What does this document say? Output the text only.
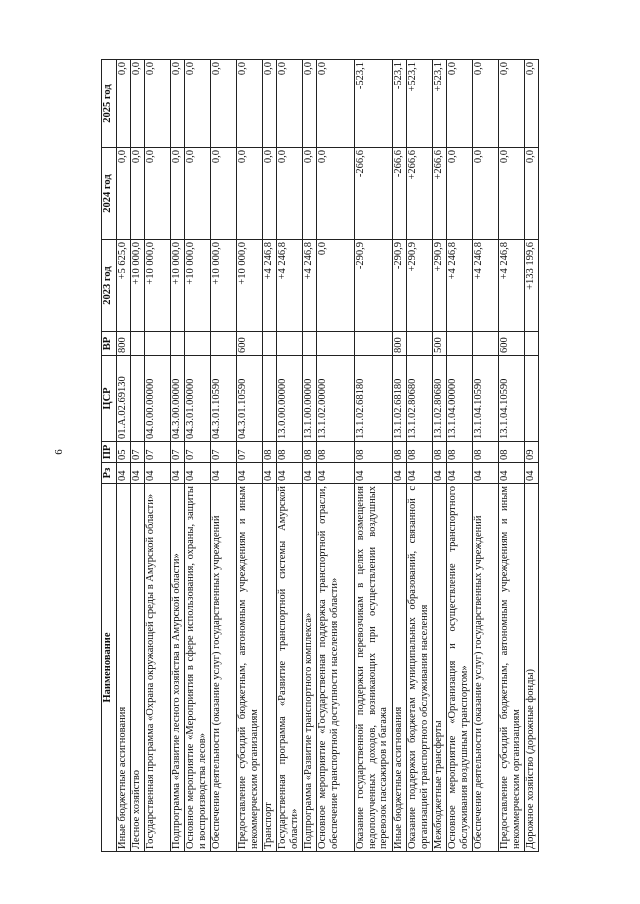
6
Наименование	Рз	ПР	ЦСР	ВР	2023 год	2024 год	2025 год
Иные бюджетные ассигнования	04	05	01.А.02.69130	800	+5 625,0	0,0	0,0
Лесное хозяйство	04	07			+10 000,0	0,0	0,0
Государственная программа «Охрана окружающей среды в Амурской области»	04	07	04.0.00.00000		+10 000,0	0,0	0,0
Подпрограмма «Развитие лесного хозяйства в Амурской области»	04	07	04.3.00.00000		+10 000,0	0,0	0,0
Основное мероприятие «Мероприятия в сфере использования, охраны, защиты и воспроизводства лесов»	04	07	04.3.01.00000		+10 000,0	0,0	0,0
Обеспечение деятельности (оказание услуг) государственных учреждений	04	07	04.3.01.10590		+10 000,0	0,0	0,0
Предоставление субсидий бюджетным, автономным учреждениям и иным некоммерческим организациям	04	07	04.3.01.10590	600	+10 000,0	0,0	0,0
Транспорт	04	08			+4 246,8	0,0	0,0
Государственная программа «Развитие транспортной системы Амурской области»	04	08	13.0.00.00000		+4 246,8	0,0	0,0
Подпрограмма «Развитие транспортного комплекса»	04	08	13.1.00.00000		+4 246,8	0,0	0,0
Основное мероприятие «Государственная поддержка транспортной отрасли, обеспечение транспортной доступности населения области»	04	08	13.1.02.00000		0,0	0,0	0,0
Оказание государственной поддержки перевозчикам в целях возмещения недополученных доходов, возникающих при осуществлении воздушных перевозок пассажиров и багажа	04	08	13.1.02.68180		-290,9	-266,6	-523,1
Иные бюджетные ассигнования	04	08	13.1.02.68180	800	-290,9	-266,6	-523,1
Оказание поддержки бюджетам муниципальных образований, связанной с организацией транспортного обслуживания населения	04	08	13.1.02.80680		+290,9	+266,6	+523,1
Межбюджетные трансферты	04	08	13.1.02.80680	500	+290,9	+266,6	+523,1
Основное мероприятие «Организация и осуществление транспортного обслуживания воздушным транспортом»	04	08	13.1.04.00000		+4 246,8	0,0	0,0
Обеспечение деятельности (оказание услуг) государственных учреждений	04	08	13.1.04.10590		+4 246,8	0,0	0,0
Предоставление субсидий бюджетным, автономным учреждениям и иным некоммерческим организациям	04	08	13.1.04.10590	600	+4 246,8	0,0	0,0
Дорожное хозяйство (дорожные фонды)	04	09			+133 199,6	0,0	0,0
